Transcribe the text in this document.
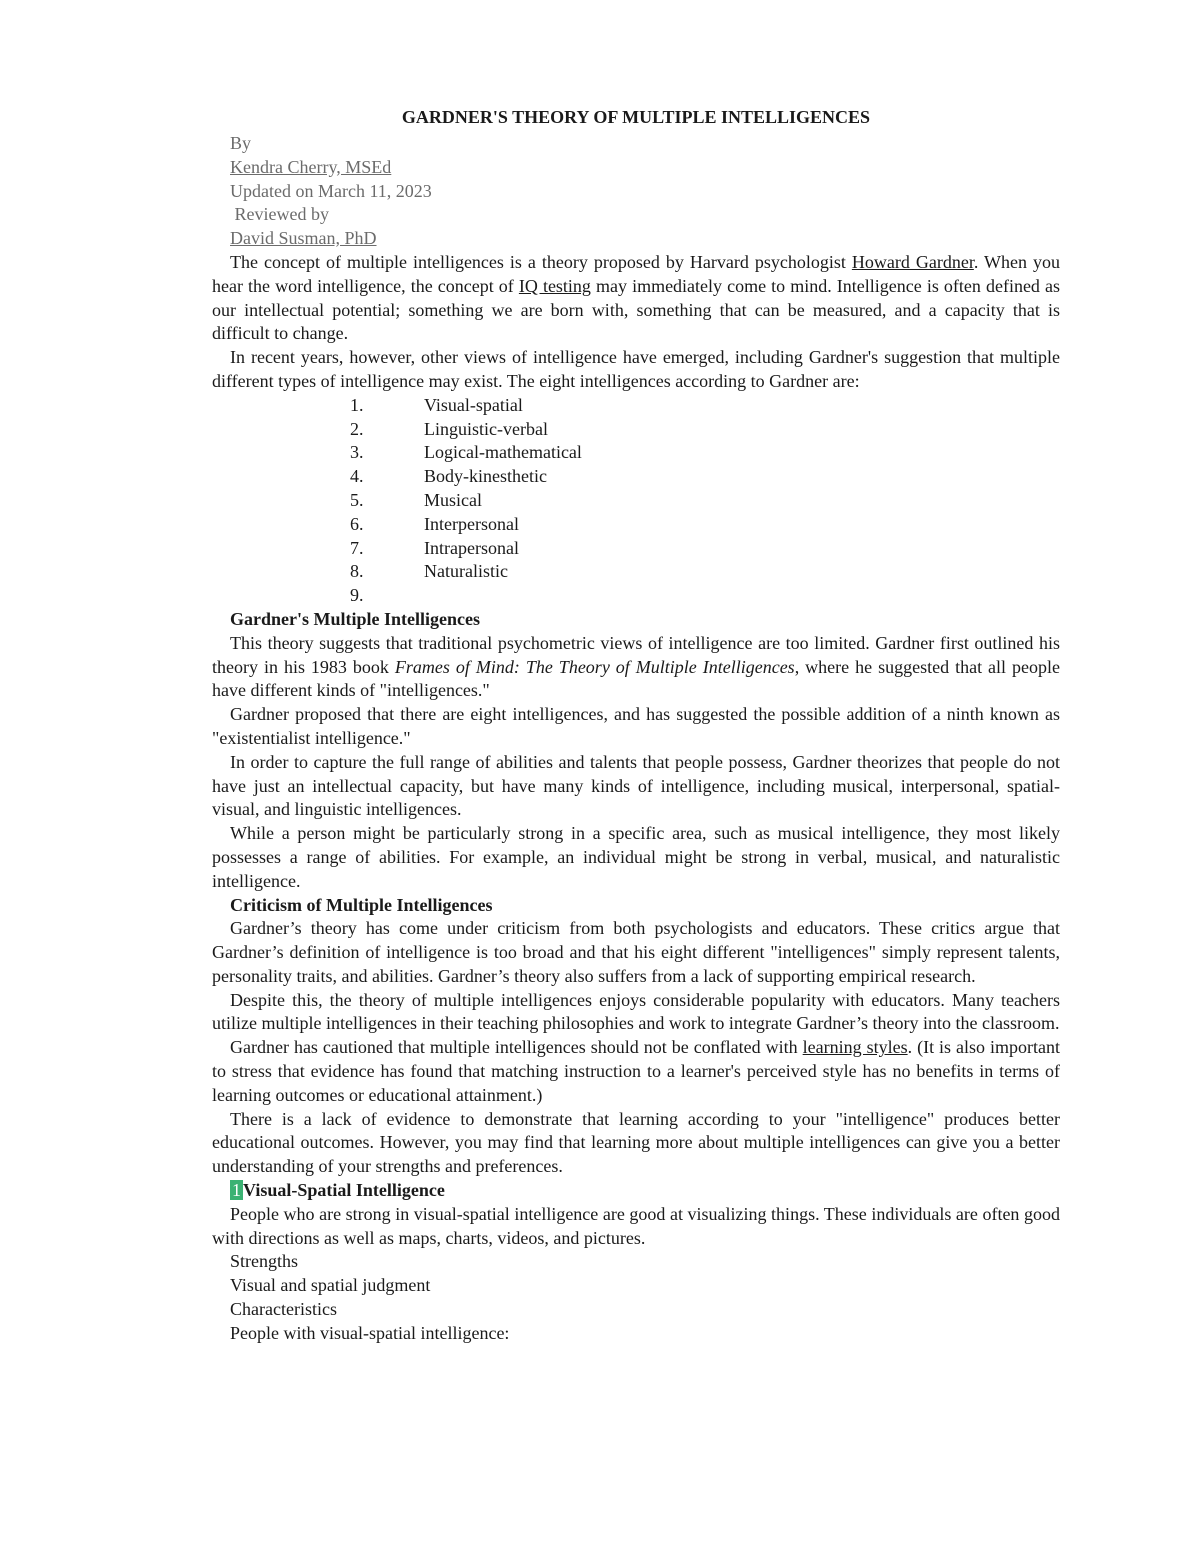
GARDNER'S THEORY OF MULTIPLE INTELLIGENCES
By
Kendra Cherry, MSEd
Updated on March 11, 2023
Reviewed by
David Susman, PhD

The concept of multiple intelligences is a theory proposed by Harvard psychologist Howard Gardner. When you hear the word intelligence, the concept of IQ testing may immediately come to mind. Intelligence is often defined as our intellectual potential; something we are born with, something that can be measured, and a capacity that is difficult to change.

In recent years, however, other views of intelligence have emerged, including Gardner's suggestion that multiple different types of intelligence may exist. The eight intelligences according to Gardner are:

1.	Visual-spatial
2.	Linguistic-verbal
3.	Logical-mathematical
4.	Body-kinesthetic
5.	Musical
6.	Interpersonal
7.	Intrapersonal
8.	Naturalistic
9.
Gardner's Multiple Intelligences

This theory suggests that traditional psychometric views of intelligence are too limited. Gardner first outlined his theory in his 1983 book Frames of Mind: The Theory of Multiple Intelligences, where he suggested that all people have different kinds of "intelligences."

Gardner proposed that there are eight intelligences, and has suggested the possible addition of a ninth known as "existentialist intelligence."

In order to capture the full range of abilities and talents that people possess, Gardner theorizes that people do not have just an intellectual capacity, but have many kinds of intelligence, including musical, interpersonal, spatial-visual, and linguistic intelligences.

While a person might be particularly strong in a specific area, such as musical intelligence, they most likely possesses a range of abilities. For example, an individual might be strong in verbal, musical, and naturalistic intelligence.

Criticism of Multiple Intelligences

Gardner’s theory has come under criticism from both psychologists and educators. These critics argue that Gardner’s definition of intelligence is too broad and that his eight different "intelligences" simply represent talents, personality traits, and abilities. Gardner’s theory also suffers from a lack of supporting empirical research.

Despite this, the theory of multiple intelligences enjoys considerable popularity with educators. Many teachers utilize multiple intelligences in their teaching philosophies and work to integrate Gardner’s theory into the classroom.

Gardner has cautioned that multiple intelligences should not be conflated with learning styles. (It is also important to stress that evidence has found that matching instruction to a learner's perceived style has no benefits in terms of learning outcomes or educational attainment.)

There is a lack of evidence to demonstrate that learning according to your "intelligence" produces better educational outcomes. However, you may find that learning more about multiple intelligences can give you a better understanding of your strengths and preferences.

1 Visual-Spatial Intelligence

People who are strong in visual-spatial intelligence are good at visualizing things. These individuals are often good with directions as well as maps, charts, videos, and pictures.

Strengths
Visual and spatial judgment
Characteristics
People with visual-spatial intelligence:
